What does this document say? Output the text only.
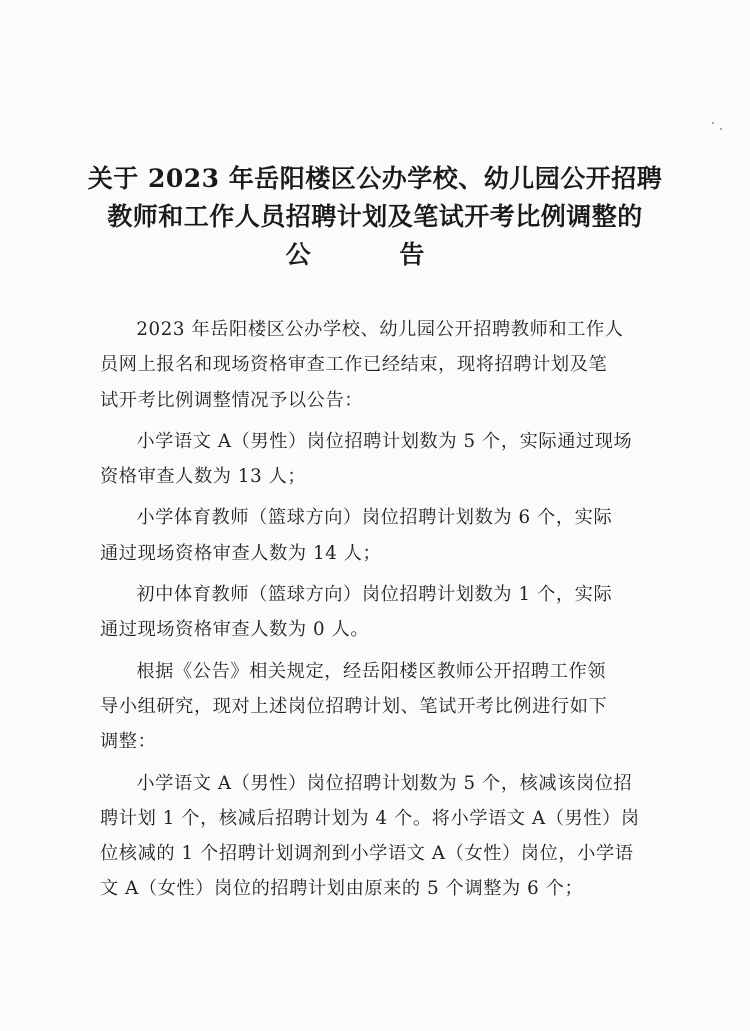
关于 2023 年岳阳楼区公办学校、幼儿园公开招聘
教师和工作人员招聘计划及笔试开考比例调整的
公 告

2023 年岳阳楼区公办学校、幼儿园公开招聘教师和工作人
员网上报名和现场资格审查工作已经结束，现将招聘计划及笔
试开考比例调整情况予以公告：

小学语文 A（男性）岗位招聘计划数为 5 个，实际通过现场
资格审查人数为 13 人；

小学体育教师（篮球方向）岗位招聘计划数为 6 个，实际
通过现场资格审查人数为 14 人；

初中体育教师（篮球方向）岗位招聘计划数为 1 个，实际
通过现场资格审查人数为 0 人。

根据《公告》相关规定，经岳阳楼区教师公开招聘工作领
导小组研究，现对上述岗位招聘计划、笔试开考比例进行如下
调整：

小学语文 A（男性）岗位招聘计划数为 5 个，核减该岗位招
聘计划 1 个，核减后招聘计划为 4 个。将小学语文 A（男性）岗
位核减的 1 个招聘计划调剂到小学语文 A（女性）岗位，小学语
文 A（女性）岗位的招聘计划由原来的 5 个调整为 6 个；
